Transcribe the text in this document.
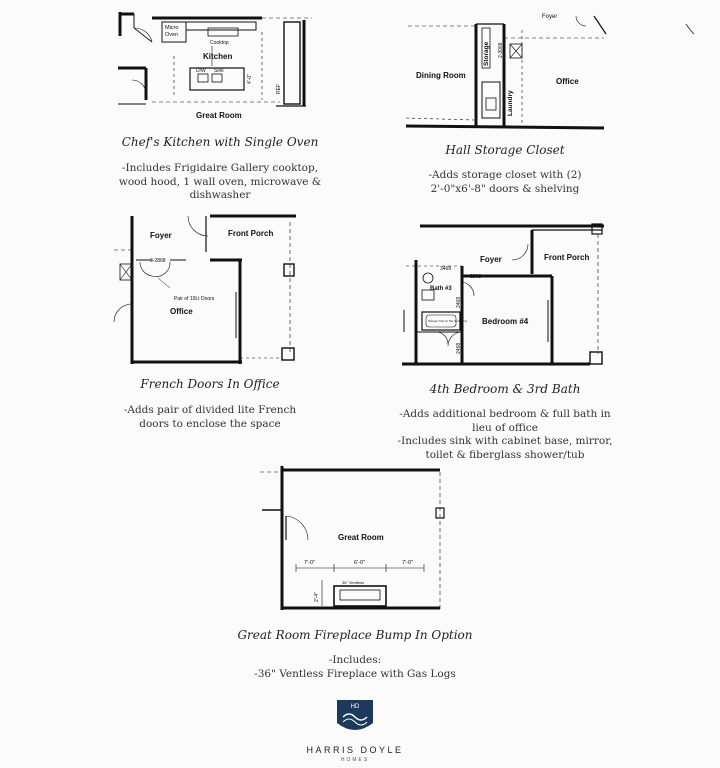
Micro
Oven
Cooktop
Kitchen
D/W Sink
4'-0"
REF
Great Room
Chef's Kitchen with Single Oven
-Includes Frigidaire Gallery cooktop,
wood hood, 1 wall oven, microwave &
dishwasher
Foyer
2-3068
Storage
Laundry
Dining Room
Office
Hall Storage Closet
-Adds storage closet with (2)
2'-0"x6'-8" doors & shelving
Foyer	Front Porch
3-2868
Pair of 10Lt Doors
Office
French Doors In Office
-Adds pair of divided lite French
doors to enclose the space
Foyer	Front Porch
3468
2868
Bath #3
2468
Shower Tub w/ Tile Surround
2468
Bedroom #4
4th Bedroom & 3rd Bath
-Adds additional bedroom & full bath in
lieu of office
-Includes sink with cabinet base, mirror,
toilet & fiberglass shower/tub
Great Room
7'-0"	6'-0"	7'-0"
36" Ventless
2'-4"
Great Room Fireplace Bump In Option
-Includes:
-36" Ventless Fireplace with Gas Logs
HD
HARRIS DOYLE
HOMES
